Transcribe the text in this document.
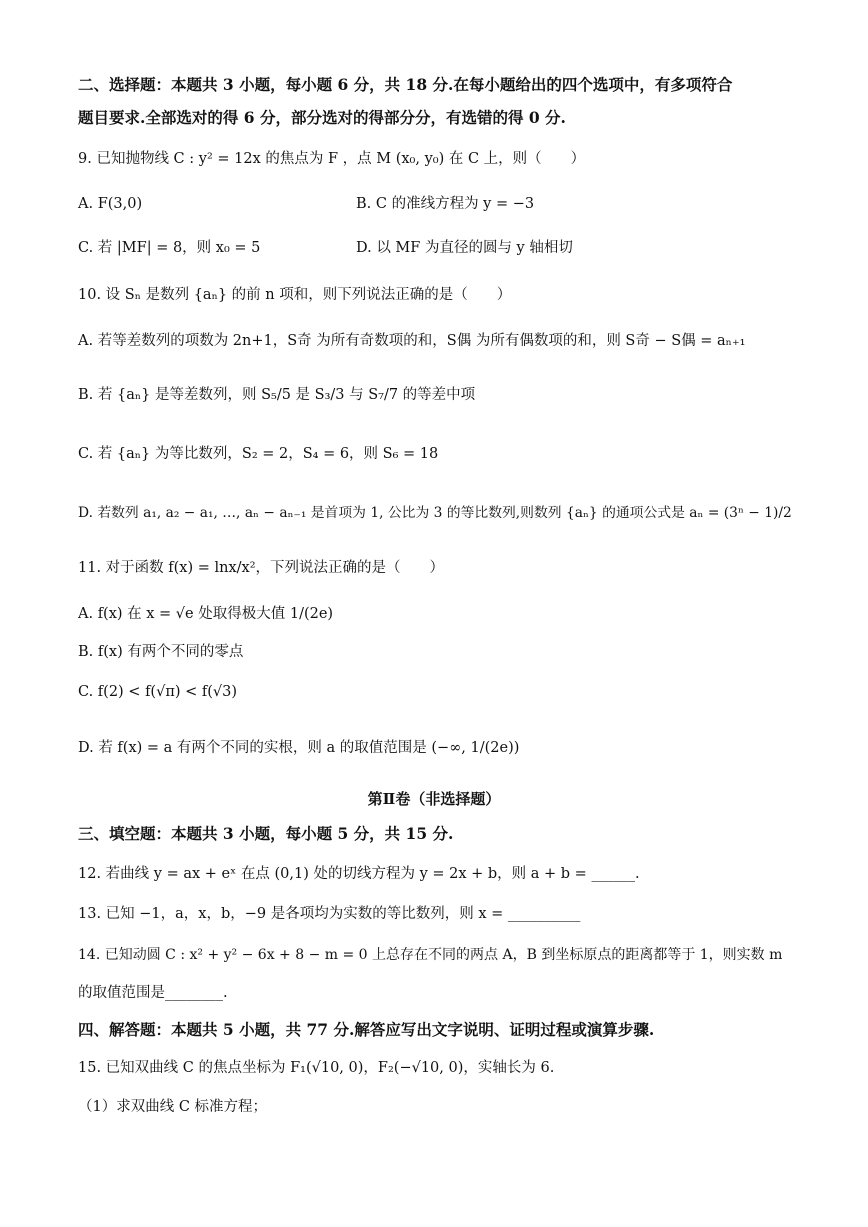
二、选择题：本题共 3 小题，每小题 6 分，共 18 分.在每小题给出的四个选项中，有多项符合
题目要求.全部选对的得 6 分，部分选对的得部分分，有选错的得 0 分.
9. 已知抛物线 C : y² = 12x 的焦点为 F ，点 M (x₀, y₀) 在 C 上，则（　　）
A. F(3,0)	B. C 的准线方程为 y = −3
C. 若 |MF| = 8，则 x₀ = 5	D. 以 MF 为直径的圆与 y 轴相切
10. 设 Sₙ 是数列 {aₙ} 的前 n 项和，则下列说法正确的是（　　）
A. 若等差数列的项数为 2n+1，S奇 为所有奇数项的和，S偶 为所有偶数项的和，则 S奇 − S偶 = aₙ₊₁
B. 若 {aₙ} 是等差数列，则 S₅/5 是 S₃/3 与 S₇/7 的等差中项
C. 若 {aₙ} 为等比数列，S₂ = 2，S₄ = 6，则 S₆ = 18
D. 若数列 a₁, a₂ − a₁, …, aₙ − aₙ₋₁ 是首项为 1, 公比为 3 的等比数列,则数列 {aₙ} 的通项公式是 aₙ = (3ⁿ − 1)/2
11. 对于函数 f(x) = lnx/x²，下列说法正确的是（　　）
A. f(x) 在 x = √e 处取得极大值 1/(2e)
B. f(x) 有两个不同的零点
C. f(2) < f(√π) < f(√3)
D. 若 f(x) = a 有两个不同的实根，则 a 的取值范围是 (−∞, 1/(2e))
第Ⅱ卷（非选择题）
三、填空题：本题共 3 小题，每小题 5 分，共 15 分.
12. 若曲线 y = ax + eˣ 在点 (0,1) 处的切线方程为 y = 2x + b，则 a + b = ______.
13. 已知 −1，a，x，b，−9 是各项均为实数的等比数列，则 x = __________
14. 已知动圆 C : x² + y² − 6x + 8 − m = 0 上总存在不同的两点 A，B 到坐标原点的距离都等于 1，则实数 m
的取值范围是________.
四、解答题：本题共 5 小题，共 77 分.解答应写出文字说明、证明过程或演算步骤.
15. 已知双曲线 C 的焦点坐标为 F₁(√10, 0)，F₂(−√10, 0)，实轴长为 6.
（1）求双曲线 C 标准方程；
